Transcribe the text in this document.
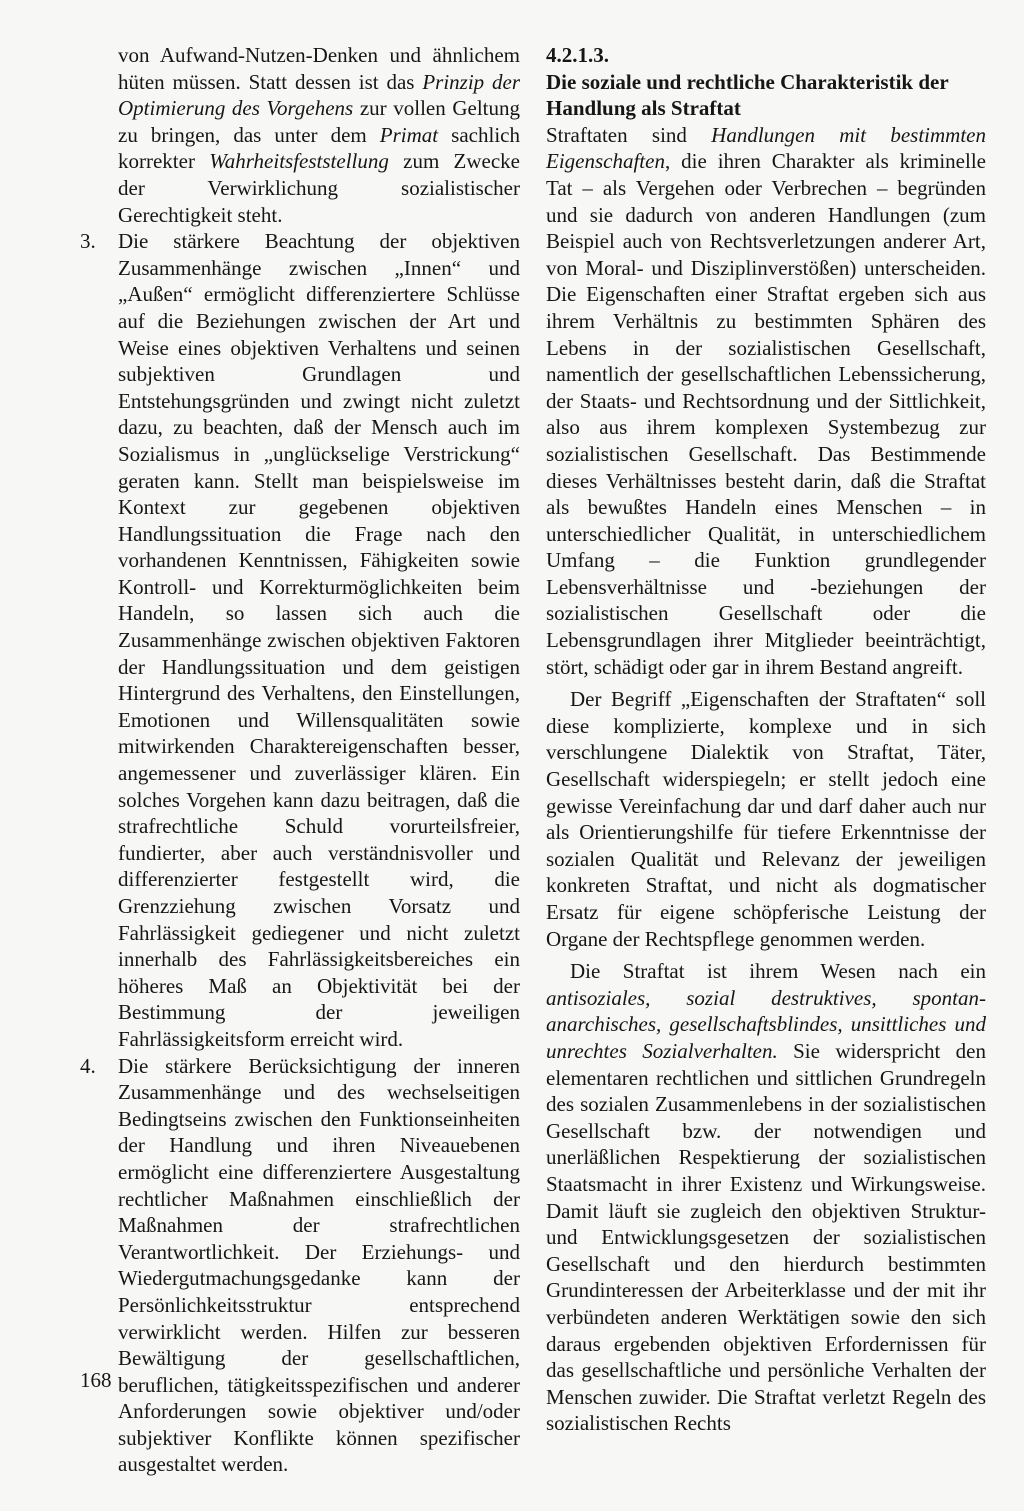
von Aufwand-Nutzen-Denken und ähnlichem hüten müssen. Statt dessen ist das Prinzip der Optimierung des Vorgehens zur vollen Geltung zu bringen, das unter dem Primat sachlich korrekter Wahrheitsfeststellung zum Zwecke der Verwirklichung sozialistischer Gerechtigkeit steht.

3. Die stärkere Beachtung der objektiven Zusammenhänge zwischen „Innen“ und „Außen“ ermöglicht differenziertere Schlüsse auf die Beziehungen zwischen der Art und Weise eines objektiven Verhaltens und seinen subjektiven Grundlagen und Entstehungsgründen und zwingt nicht zuletzt dazu, zu beachten, daß der Mensch auch im Sozialismus in „unglückselige Verstrickung“ geraten kann. Stellt man beispielsweise im Kontext zur gegebenen objektiven Handlungssituation die Frage nach den vorhandenen Kenntnissen, Fähigkeiten sowie Kontroll- und Korrekturmöglichkeiten beim Handeln, so lassen sich auch die Zusammenhänge zwischen objektiven Faktoren der Handlungssituation und dem geistigen Hintergrund des Verhaltens, den Einstellungen, Emotionen und Willensqualitäten sowie mitwirkenden Charaktereigenschaften besser, angemessener und zuverlässiger klären. Ein solches Vorgehen kann dazu beitragen, daß die strafrechtliche Schuld vorurteilsfreier, fundierter, aber auch verständnisvoller und differenzierter festgestellt wird, die Grenzziehung zwischen Vorsatz und Fahrlässigkeit gediegener und nicht zuletzt innerhalb des Fahrlässigkeitsbereiches ein höheres Maß an Objektivität bei der Bestimmung der jeweiligen Fahrlässigkeitsform erreicht wird.

4. Die stärkere Berücksichtigung der inneren Zusammenhänge und des wechselseitigen Bedingtseins zwischen den Funktionseinheiten der Handlung und ihren Niveauebenen ermöglicht eine differenziertere Ausgestaltung rechtlicher Maßnahmen einschließlich der Maßnahmen der strafrechtlichen Verantwortlichkeit. Der Erziehungs- und Wiedergutmachungsgedanke kann der Persönlichkeitsstruktur entsprechend verwirklicht werden. Hilfen zur besseren Bewältigung der gesellschaftlichen, beruflichen, tätigkeitsspezifischen und anderer Anforderungen sowie objektiver und/oder subjektiver Konflikte können spezifischer ausgestaltet werden.

4.2.1.3.
Die soziale und rechtliche Charakteristik der Handlung als Straftat

Straftaten sind Handlungen mit bestimmten Eigenschaften, die ihren Charakter als kriminelle Tat – als Vergehen oder Verbrechen – begründen und sie dadurch von anderen Handlungen (zum Beispiel auch von Rechtsverletzungen anderer Art, von Moral- und Disziplinverstößen) unterscheiden. Die Eigenschaften einer Straftat ergeben sich aus ihrem Verhältnis zu bestimmten Sphären des Lebens in der sozialistischen Gesellschaft, namentlich der gesellschaftlichen Lebenssicherung, der Staats- und Rechtsordnung und der Sittlichkeit, also aus ihrem komplexen Systembezug zur sozialistischen Gesellschaft. Das Bestimmende dieses Verhältnisses besteht darin, daß die Straftat als bewußtes Handeln eines Menschen – in unterschiedlicher Qualität, in unterschiedlichem Umfang – die Funktion grundlegender Lebensverhältnisse und -beziehungen der sozialistischen Gesellschaft oder die Lebensgrundlagen ihrer Mitglieder beeinträchtigt, stört, schädigt oder gar in ihrem Bestand angreift.

Der Begriff „Eigenschaften der Straftaten“ soll diese komplizierte, komplexe und in sich verschlungene Dialektik von Straftat, Täter, Gesellschaft widerspiegeln; er stellt jedoch eine gewisse Vereinfachung dar und darf daher auch nur als Orientierungshilfe für tiefere Erkenntnisse der sozialen Qualität und Relevanz der jeweiligen konkreten Straftat, und nicht als dogmatischer Ersatz für eigene schöpferische Leistung der Organe der Rechtspflege genommen werden.

Die Straftat ist ihrem Wesen nach ein antisoziales, sozial destruktives, spontan-anarchisches, gesellschaftsblindes, unsittliches und unrechtes Sozialverhalten. Sie widerspricht den elementaren rechtlichen und sittlichen Grundregeln des sozialen Zusammenlebens in der sozialistischen Gesellschaft bzw. der notwendigen und unerläßlichen Respektierung der sozialistischen Staatsmacht in ihrer Existenz und Wirkungsweise. Damit läuft sie zugleich den objektiven Struktur- und Entwicklungsgesetzen der sozialistischen Gesellschaft und den hierdurch bestimmten Grundinteressen der Arbeiterklasse und der mit ihr verbündeten anderen Werktätigen sowie den sich daraus ergebenden objektiven Erfordernissen für das gesellschaftliche und persönliche Verhalten der Menschen zuwider. Die Straftat verletzt Regeln des sozialistischen Rechts

168
